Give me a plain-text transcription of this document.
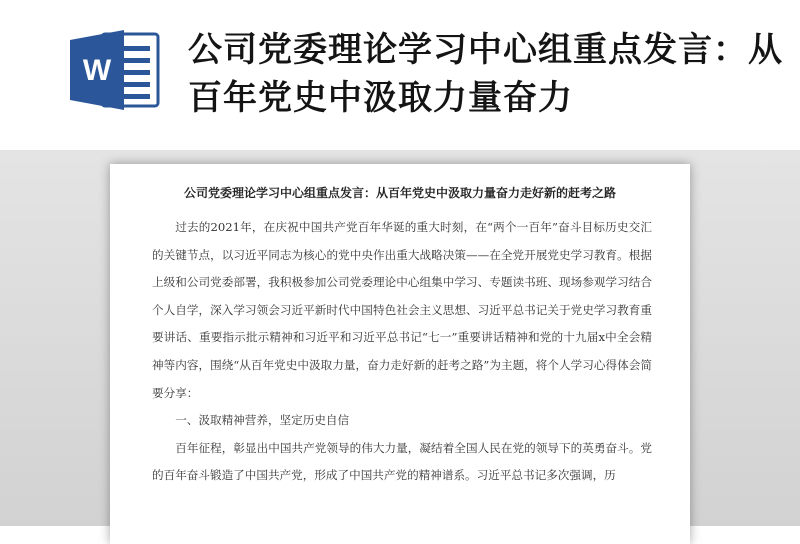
W
公司党委理论学习中心组重点发言：从百年党史中汲取力量奋力
公司党委理论学习中心组重点发言：从百年党史中汲取力量奋力走好新的赶考之路

过去的2021年，在庆祝中国共产党百年华诞的重大时刻，在“两个一百年”奋斗目标历史交汇的关键节点，以习近平同志为核心的党中央作出重大战略决策——在全党开展党史学习教育。根据上级和公司党委部署，我积极参加公司党委理论中心组集中学习、专题读书班、现场参观学习结合个人自学，深入学习领会习近平新时代中国特色社会主义思想、习近平总书记关于党史学习教育重要讲话、重要指示批示精神和习近平和习近平总书记“七一”重要讲话精神和党的十九届x中全会精神等内容，围绕“从百年党史中汲取力量，奋力走好新的赶考之路”为主题，将个人学习心得体会简要分享：

一、汲取精神营养，坚定历史自信

百年征程，彰显出中国共产党领导的伟大力量，凝结着全国人民在党的领导下的英勇奋斗。党的百年奋斗锻造了中国共产党，形成了中国共产党的精神谱系。习近平总书记多次强调，历
